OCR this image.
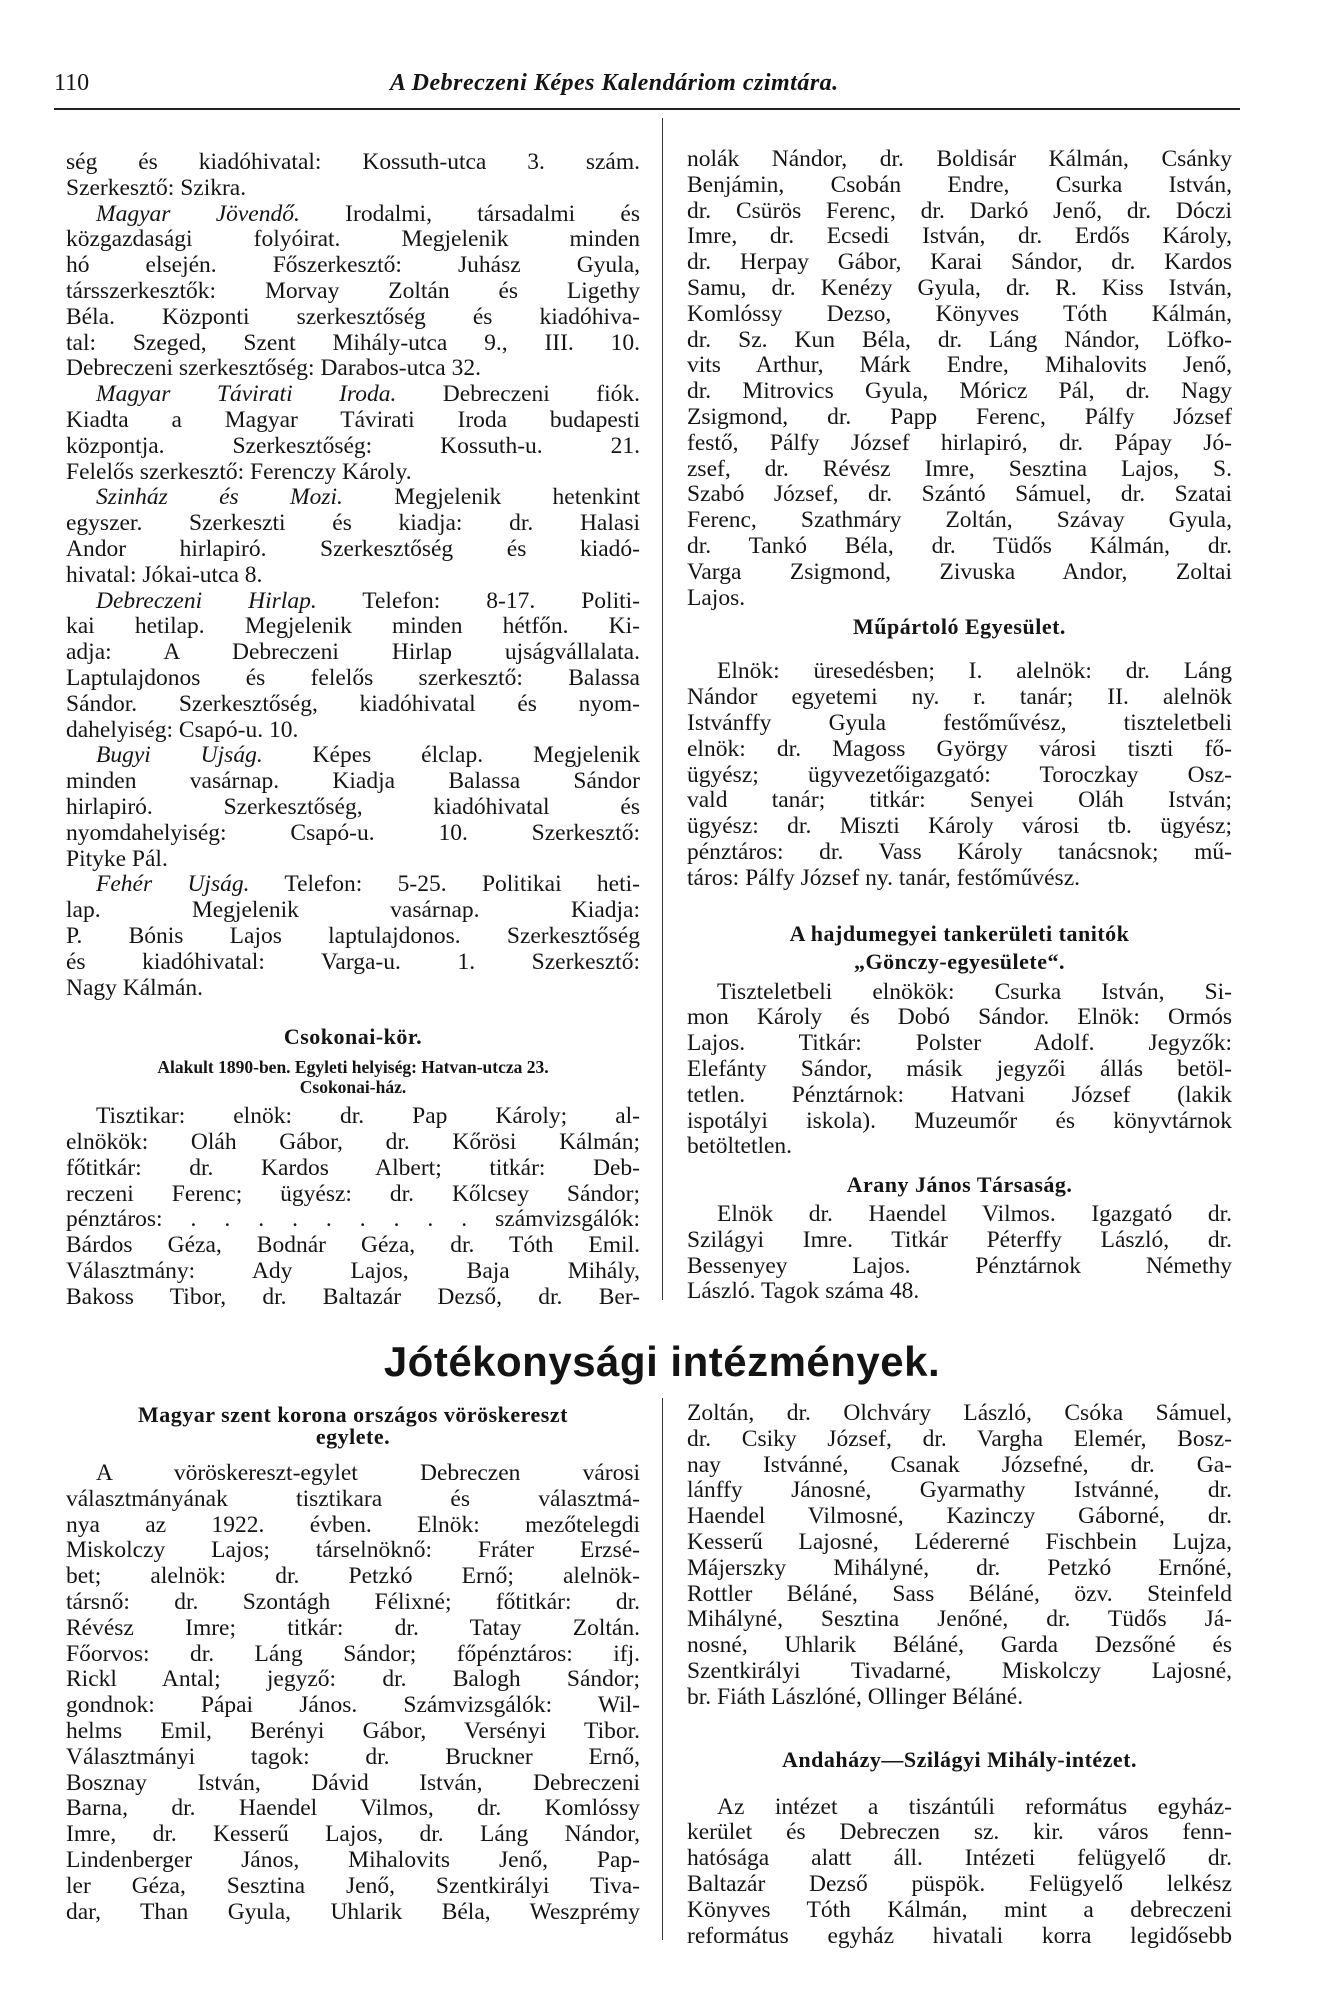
110	A Debreczeni Képes Kalendáriom czimtára.
ség és kiadóhivatal: Kossuth-utca 3. szám.
Szerkesztő: Szikra.
Magyar Jövendő. Irodalmi, társadalmi és
közgazdasági folyóirat. Megjelenik minden
hó elsején. Főszerkesztő: Juhász Gyula,
társszerkesztők: Morvay Zoltán és Ligethy
Béla. Központi szerkesztőség és kiadóhiva-
tal: Szeged, Szent Mihály-utca 9., III. 10.
Debreczeni szerkesztőség: Darabos-utca 32.
Magyar Távirati Iroda. Debreczeni fiók.
Kiadta a Magyar Távirati Iroda budapesti
központja. Szerkesztőség: Kossuth-u. 21.
Felelős szerkesztő: Ferenczy Károly.
Szinház és Mozi. Megjelenik hetenkint
egyszer. Szerkeszti és kiadja: dr. Halasi
Andor hirlapiró. Szerkesztőség és kiadó-
hivatal: Jókai-utca 8.
Debreczeni Hirlap. Telefon: 8-17. Politi-
kai hetilap. Megjelenik minden hétfőn. Ki-
adja: A Debreczeni Hirlap ujságvállalata.
Laptulajdonos és felelős szerkesztő: Balassa
Sándor. Szerkesztőség, kiadóhivatal és nyom-
dahelyiség: Csapó-u. 10.
Bugyi Ujság. Képes élclap. Megjelenik
minden vasárnap. Kiadja Balassa Sándor
hirlapiró. Szerkesztőség, kiadóhivatal és
nyomdahelyiség: Csapó-u. 10. Szerkesztő:
Pityke Pál.
Fehér Ujság. Telefon: 5-25. Politikai heti-
lap. Megjelenik vasárnap. Kiadja:
P. Bónis Lajos laptulajdonos. Szerkesztőség
és kiadóhivatal: Varga-u. 1. Szerkesztő:
Nagy Kálmán.
Csokonai-kör.
Alakult 1890-ben. Egyleti helyiség: Hatvan-utcza 23.
Csokonai-ház.
Tisztikar: elnök: dr. Pap Károly; al-
elnökök: Oláh Gábor, dr. Kőrösi Kálmán;
főtitkár: dr. Kardos Albert; titkár: Deb-
reczeni Ferenc; ügyész: dr. Kőlcsey Sándor;
pénztáros: . . . . . . . . . számvizsgálók:
Bárdos Géza, Bodnár Géza, dr. Tóth Emil.
Választmány: Ady Lajos, Baja Mihály,
Bakoss Tibor, dr. Baltazár Dezső, dr. Ber-
nolák Nándor, dr. Boldisár Kálmán, Csánky
Benjámin, Csobán Endre, Csurka István,
dr. Csürös Ferenc, dr. Darkó Jenő, dr. Dóczi
Imre, dr. Ecsedi István, dr. Erdős Károly,
dr. Herpay Gábor, Karai Sándor, dr. Kardos
Samu, dr. Kenézy Gyula, dr. R. Kiss István,
Komlóssy Dezso, Könyves Tóth Kálmán,
dr. Sz. Kun Béla, dr. Láng Nándor, Löfko-
vits Arthur, Márk Endre, Mihalovits Jenő,
dr. Mitrovics Gyula, Móricz Pál, dr. Nagy
Zsigmond, dr. Papp Ferenc, Pálfy József
festő, Pálfy József hirlapiró, dr. Pápay Jó-
zsef, dr. Révész Imre, Sesztina Lajos, S.
Szabó József, dr. Szántó Sámuel, dr. Szatai
Ferenc, Szathmáry Zoltán, Szávay Gyula,
dr. Tankó Béla, dr. Tüdős Kálmán, dr.
Varga Zsigmond, Zivuska Andor, Zoltai
Lajos.
Műpártoló Egyesület.
Elnök: üresedésben; I. alelnök: dr. Láng
Nándor egyetemi ny. r. tanár; II. alelnök
Istvánffy Gyula festőművész, tiszteletbeli
elnök: dr. Magoss György városi tiszti fő-
ügyész; ügyvezetőigazgató: Toroczkay Osz-
vald tanár; titkár: Senyei Oláh István;
ügyész: dr. Miszti Károly városi tb. ügyész;
pénztáros: dr. Vass Károly tanácsnok; mű-
táros: Pálfy József ny. tanár, festőművész.
A hajdumegyei tankerületi tanitók
„Gönczy-egyesülete“.
Tiszteletbeli elnökök: Csurka István, Si-
mon Károly és Dobó Sándor. Elnök: Ormós
Lajos. Titkár: Polster Adolf. Jegyzők:
Elefánty Sándor, másik jegyzői állás betöl-
tetlen. Pénztárnok: Hatvani József (lakik
ispotályi iskola). Muzeumőr és könyvtárnok
betöltetlen.
Arany János Társaság.
Elnök dr. Haendel Vilmos. Igazgató dr.
Szilágyi Imre. Titkár Péterffy László, dr.
Bessenyey Lajos. Pénztárnok Némethy
László. Tagok száma 48.
Jótékonysági intézmények.
Magyar szent korona országos vöröskereszt
egylete.
A vöröskereszt-egylet Debreczen városi
választmányának tisztikara és választmá-
nya az 1922. évben. Elnök: mezőtelegdi
Miskolczy Lajos; társelnöknő: Fráter Erzsé-
bet; alelnök: dr. Petzkó Ernő; alelnök-
társnő: dr. Szontágh Félixné; főtitkár: dr.
Révész Imre; titkár: dr. Tatay Zoltán.
Főorvos: dr. Láng Sándor; főpénztáros: ifj.
Rickl Antal; jegyző: dr. Balogh Sándor;
gondnok: Pápai János. Számvizsgálók: Wil-
helms Emil, Berényi Gábor, Versényi Tibor.
Választmányi tagok: dr. Bruckner Ernő,
Bosznay István, Dávid István, Debreczeni
Barna, dr. Haendel Vilmos, dr. Komlóssy
Imre, dr. Kesserű Lajos, dr. Láng Nándor,
Lindenberger János, Mihalovits Jenő, Pap-
ler Géza, Sesztina Jenő, Szentkirályi Tiva-
dar, Than Gyula, Uhlarik Béla, Weszprémy
Zoltán, dr. Olchváry László, Csóka Sámuel,
dr. Csiky József, dr. Vargha Elemér, Bosz-
nay Istvánné, Csanak Józsefné, dr. Ga-
lánffy Jánosné, Gyarmathy Istvánné, dr.
Haendel Vilmosné, Kazinczy Gáborné, dr.
Kesserű Lajosné, Lédererné Fischbein Lujza,
Májerszky Mihályné, dr. Petzkó Ernőné,
Rottler Béláné, Sass Béláné, özv. Steinfeld
Mihályné, Sesztina Jenőné, dr. Tüdős Já-
nosné, Uhlarik Béláné, Garda Dezsőné és
Szentkirályi Tivadarné, Miskolczy Lajosné,
br. Fiáth Lászlóné, Ollinger Béláné.
Andaházy—Szilágyi Mihály-intézet.
Az intézet a tiszántúli református egyház-
kerület és Debreczen sz. kir. város fenn-
hatósága alatt áll. Intézeti felügyelő dr.
Baltazár Dezső püspök. Felügyelő lelkész
Könyves Tóth Kálmán, mint a debreczeni
református egyház hivatali korra legidősebb
